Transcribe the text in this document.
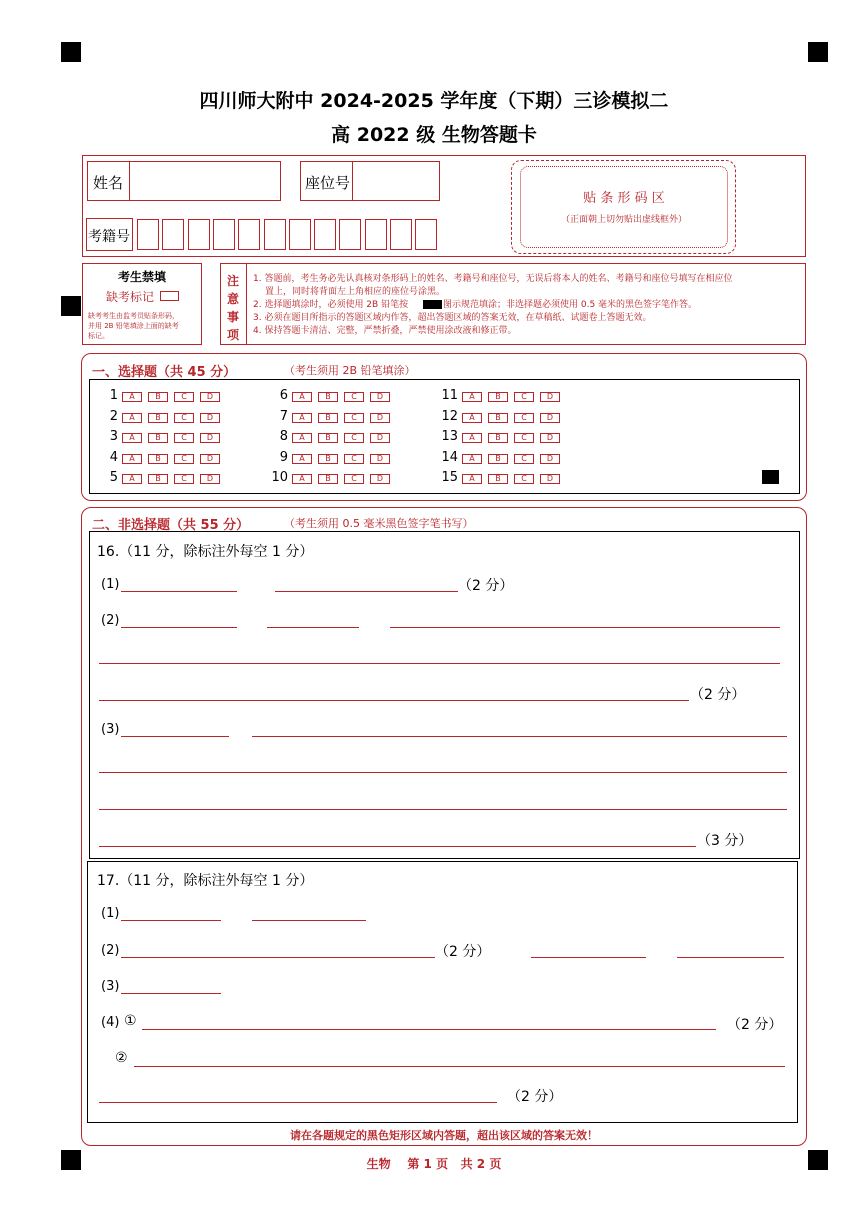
四川师大附中 2024-2025 学年度（下期）三诊模拟二
高 2022 级 生物答题卡
姓名	座位号
考籍号
贴 条 形 码 区
（正面朝上切勿贴出虚线框外）
考生禁填
缺考标记
缺考考生由监考员贴条形码，
并用 2B 铅笔填涂上面的缺考
标记。
注
意
事
项
1. 答题前，考生务必先认真核对条形码上的姓名、考籍号和座位号，无误后将本人的姓名、考籍号和座位号填写在相应位
置上，同时将背面左上角相应的座位号涂黑。
2. 选择题填涂时，必须使用 2B 铅笔按	图示规范填涂；非选择题必须使用 0.5 毫米的黑色签字笔作答。
3. 必须在题目所指示的答题区域内作答，超出答题区域的答案无效，在草稿纸、试题卷上答题无效。
4. 保持答题卡清洁、完整，严禁折叠，严禁使用涂改液和修正带。
一、选择题（共 45 分）	（考生须用 2B 铅笔填涂）
1	A	B	C	D
2	A	B	C	D
3	A	B	C	D
4	A	B	C	D
5	A	B	C	D
6	A	B	C	D
7	A	B	C	D
8	A	B	C	D
9	A	B	C	D
10	A	B	C	D
11	A	B	C	D
12	A	B	C	D
13	A	B	C	D
14	A	B	C	D
15	A	B	C	D
二、非选择题（共 55 分）	（考生须用 0.5 毫米黑色签字笔书写）
16.（11 分，除标注外每空 1 分）
(1)	（2 分）
(2)
（2 分）
(3)
（3 分）
17.（11 分，除标注外每空 1 分）
(1)
(2)	（2 分）
(3)
(4) ①	（2 分）
②
（2 分）
请在各题规定的黑色矩形区域内答题，超出该区域的答案无效！
生物    第 1 页   共 2 页
